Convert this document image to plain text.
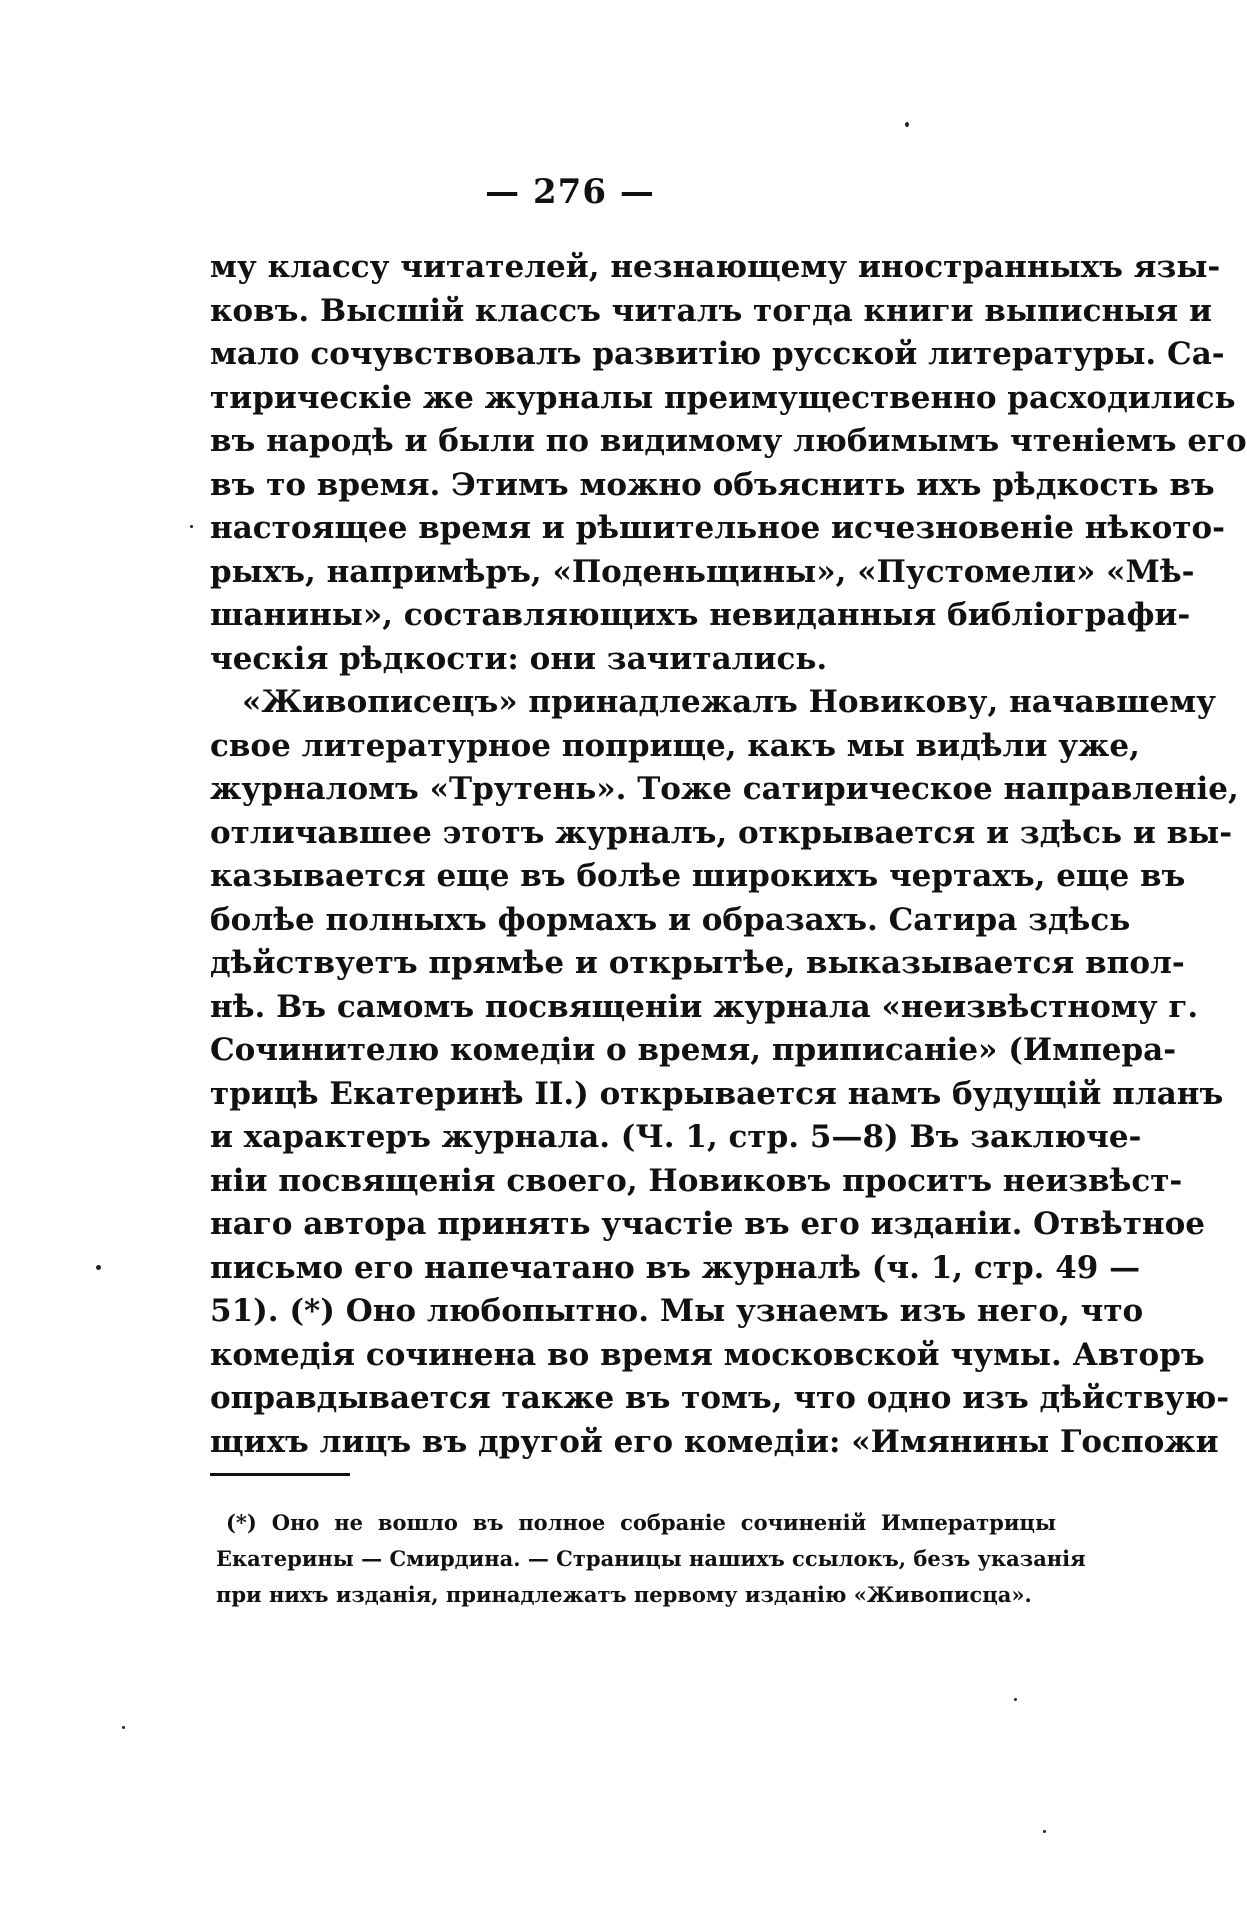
— 276 —
му классу читателей, незнающему иностранныхъ язы-
ковъ. Высшій классъ читалъ тогда книги выписныя и
мало сочувствовалъ развитію русской литературы. Са-
тирическіе же журналы преимущественно расходились
въ народѣ и были по видимому любимымъ чтеніемъ его
въ то время. Этимъ можно объяснить ихъ рѣдкость въ
настоящее время и рѣшительное исчезновеніе нѣкото-
рыхъ, напримѣръ, «Поденьщины», «Пустомели» «Мѣ-
шанины», составляющихъ невиданныя библіографи-
ческія рѣдкости: они зачитались.
«Живописецъ» принадлежалъ Новикову, начавшему
свое литературное поприще, какъ мы видѣли уже,
журналомъ «Трутень». Тоже сатирическое направленіе,
отличавшее этотъ журналъ, открывается и здѣсь и вы-
казывается еще въ болѣе широкихъ чертахъ, еще въ
болѣе полныхъ формахъ и образахъ. Сатира здѣсь
дѣйствуетъ прямѣе и открытѣе, выказывается впол-
нѣ. Въ самомъ посвященіи журнала «неизвѣстному г.
Сочинителю комедіи о время, приписаніе» (Импера-
трицѣ Екатеринѣ II.) открывается намъ будущій планъ
и характеръ журнала. (Ч. 1, стр. 5—8) Въ заключе-
ніи посвященія своего, Новиковъ проситъ неизвѣст-
наго автора принять участіе въ его изданіи. Отвѣтное
письмо его напечатано въ журналѣ (ч. 1, стр. 49 —
51). (*) Оно любопытно. Мы узнаемъ изъ него, что
комедія сочинена во время московской чумы. Авторъ
оправдывается также въ томъ, что одно изъ дѣйствую-
щихъ лицъ въ другой его комедіи: «Имянины Госпожи
(*) Оно не вошло въ полное собраніе сочиненій Императрицы
Екатерины — Смирдина. — Страницы нашихъ ссылокъ, безъ указанія
при нихъ изданія, принадлежатъ первому изданію «Живописца».
